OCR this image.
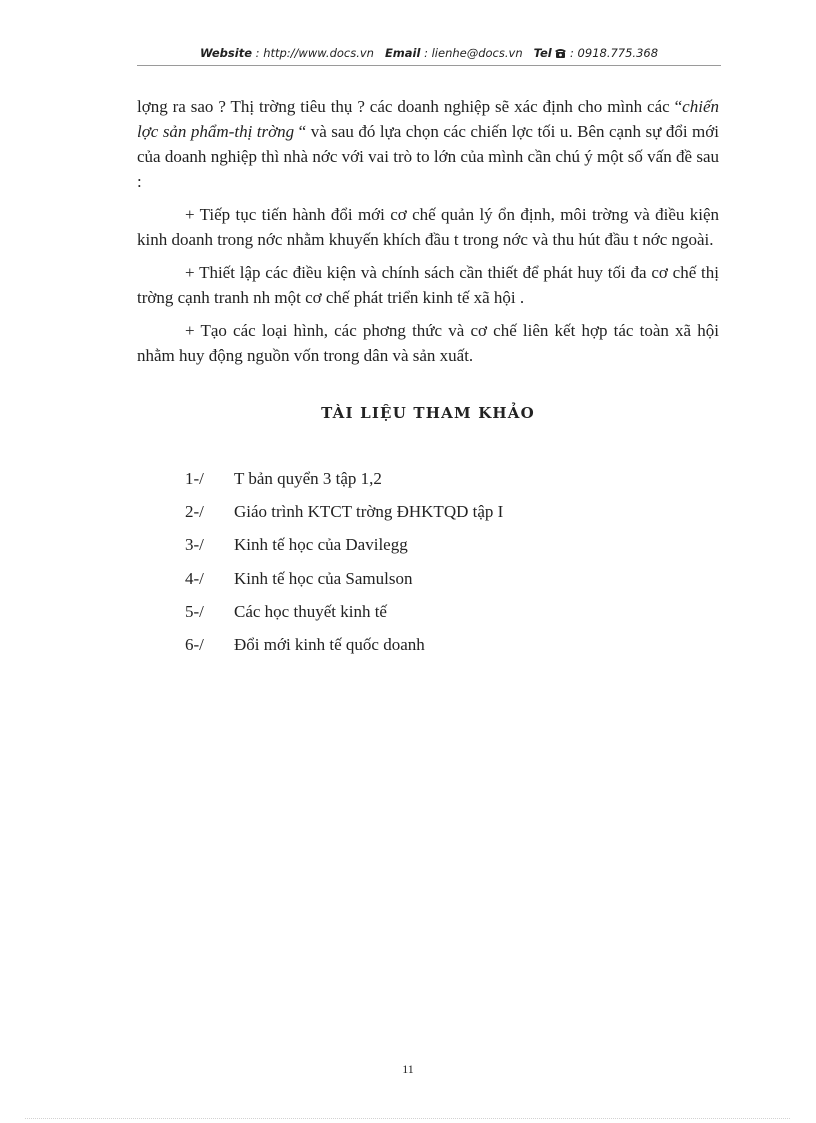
Website : http://www.docs.vn Email : lienhe@docs.vn Tel : 0918.775.368

lợng ra sao ? Thị trờng tiêu thụ ? các doanh nghiệp sẽ xác định cho mình các “chiến lợc sản phẩm-thị trờng “ và sau đó lựa chọn các chiến lợc tối u. Bên cạnh sự đổi mới của doanh nghiệp thì nhà nớc với vai trò to lớn của mình cần chú ý một số vấn đề sau :

+ Tiếp tục tiến hành đổi mới cơ chế quản lý ổn định, môi trờng và điều kiện kinh doanh trong nớc nhằm khuyến khích đầu t trong nớc và thu hút đầu t nớc ngoài.

+ Thiết lập các điều kiện và chính sách cần thiết để phát huy tối đa cơ chế thị trờng cạnh tranh nh một cơ chế phát triển kinh tế xã hội .

+ Tạo các loại hình, các phơng thức và cơ chế liên kết hợp tác toàn xã hội nhằm huy động nguồn vốn trong dân và sản xuất.

TÀI LIỆU THAM KHẢO
1-/ T bản quyển 3 tập 1,2
2-/ Giáo trình KTCT trờng ĐHKTQD tập I
3-/ Kinh tế học của Davilegg
4-/ Kinh tế học của Samulson
5-/ Các học thuyết kinh tế
6-/ Đổi mới kinh tế quốc doanh
11
